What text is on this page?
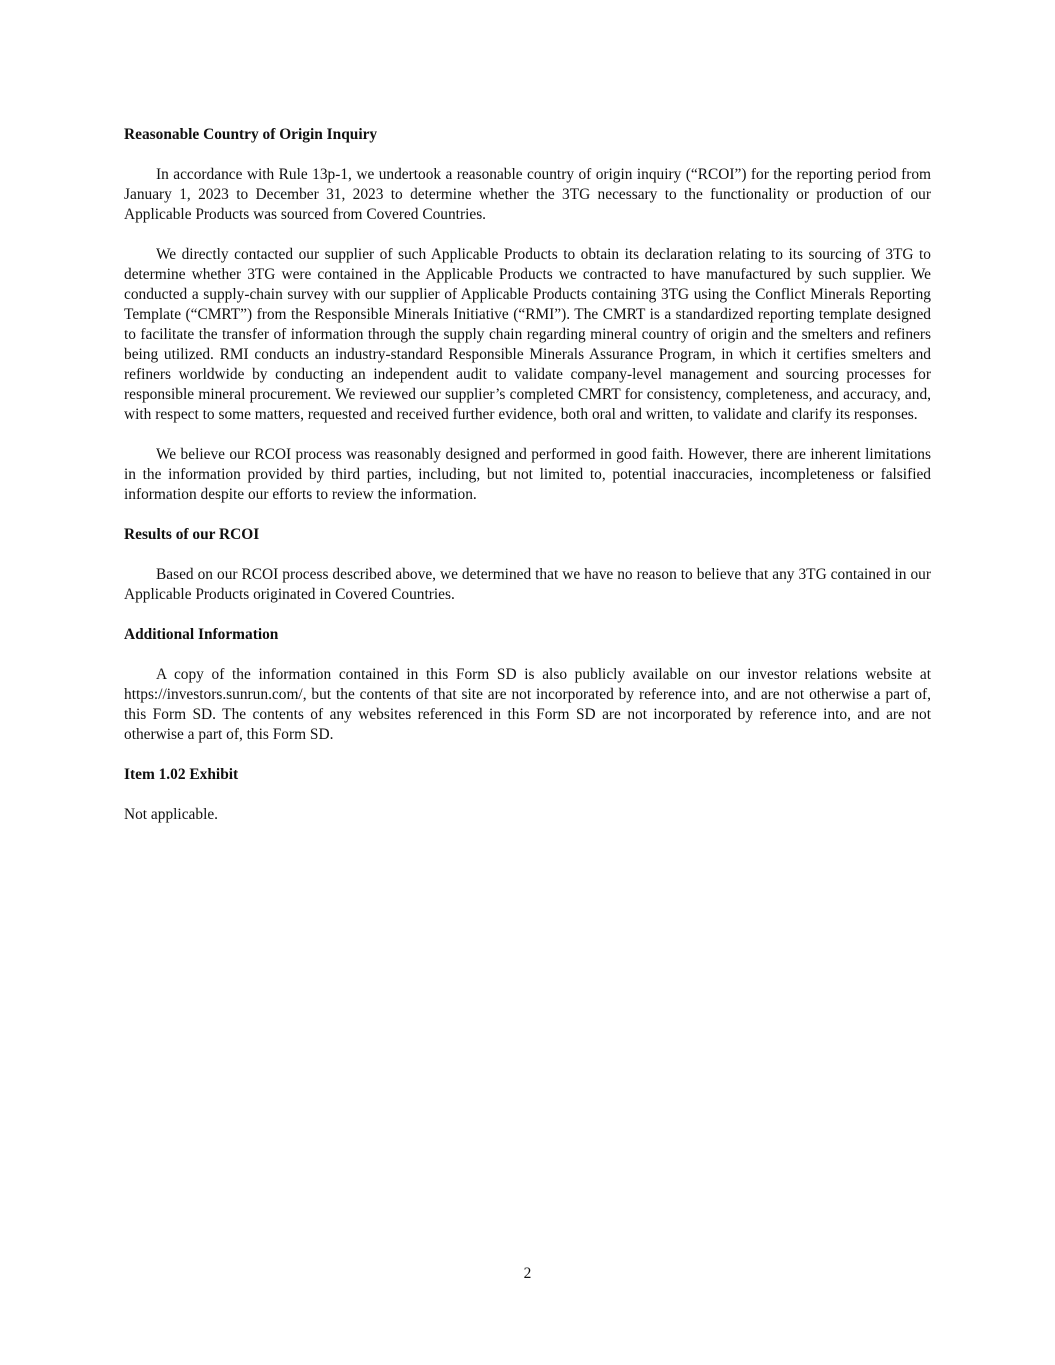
Reasonable Country of Origin Inquiry

In accordance with Rule 13p-1, we undertook a reasonable country of origin inquiry (“RCOI”) for the reporting period from January 1, 2023 to December 31, 2023 to determine whether the 3TG necessary to the functionality or production of our Applicable Products was sourced from Covered Countries.

We directly contacted our supplier of such Applicable Products to obtain its declaration relating to its sourcing of 3TG to determine whether 3TG were contained in the Applicable Products we contracted to have manufactured by such supplier. We conducted a supply-chain survey with our supplier of Applicable Products containing 3TG using the Conflict Minerals Reporting Template (“CMRT”) from the Responsible Minerals Initiative (“RMI”). The CMRT is a standardized reporting template designed to facilitate the transfer of information through the supply chain regarding mineral country of origin and the smelters and refiners being utilized. RMI conducts an industry-standard Responsible Minerals Assurance Program, in which it certifies smelters and refiners worldwide by conducting an independent audit to validate company-level management and sourcing processes for responsible mineral procurement. We reviewed our supplier’s completed CMRT for consistency, completeness, and accuracy, and, with respect to some matters, requested and received further evidence, both oral and written, to validate and clarify its responses.

We believe our RCOI process was reasonably designed and performed in good faith. However, there are inherent limitations in the information provided by third parties, including, but not limited to, potential inaccuracies, incompleteness or falsified information despite our efforts to review the information.

Results of our RCOI

Based on our RCOI process described above, we determined that we have no reason to believe that any 3TG contained in our Applicable Products originated in Covered Countries.

Additional Information

A copy of the information contained in this Form SD is also publicly available on our investor relations website at https://investors.sunrun.com/, but the contents of that site are not incorporated by reference into, and are not otherwise a part of, this Form SD. The contents of any websites referenced in this Form SD are not incorporated by reference into, and are not otherwise a part of, this Form SD.

Item 1.02 Exhibit

Not applicable.

2
